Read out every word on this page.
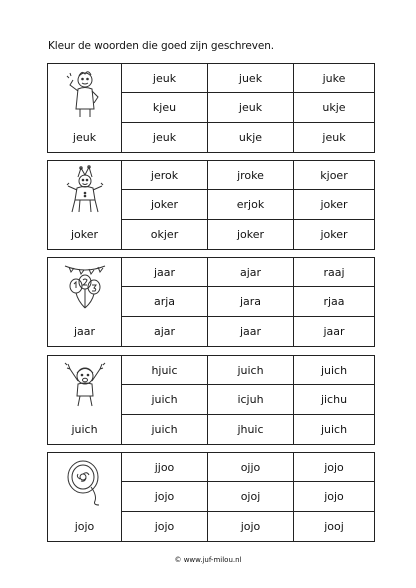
Kleur de woorden die goed zijn geschreven.
jeuk
jeuk	juek	juke
kjeu	jeuk	ukje
jeuk	ukje	jeuk
joker
jerok	jroke	kjoer
joker	erjok	joker
okjer	joker	joker
jaar
jaar	ajar	raaj
arja	jara	rjaa
ajar	jaar	jaar
juich
hjuic	juich	juich
juich	icjuh	jichu
juich	jhuic	juich
jojo
jjoo	ojjo	jojo
jojo	ojoj	jojo
jojo	jojo	jooj
© www.juf-milou.nl
